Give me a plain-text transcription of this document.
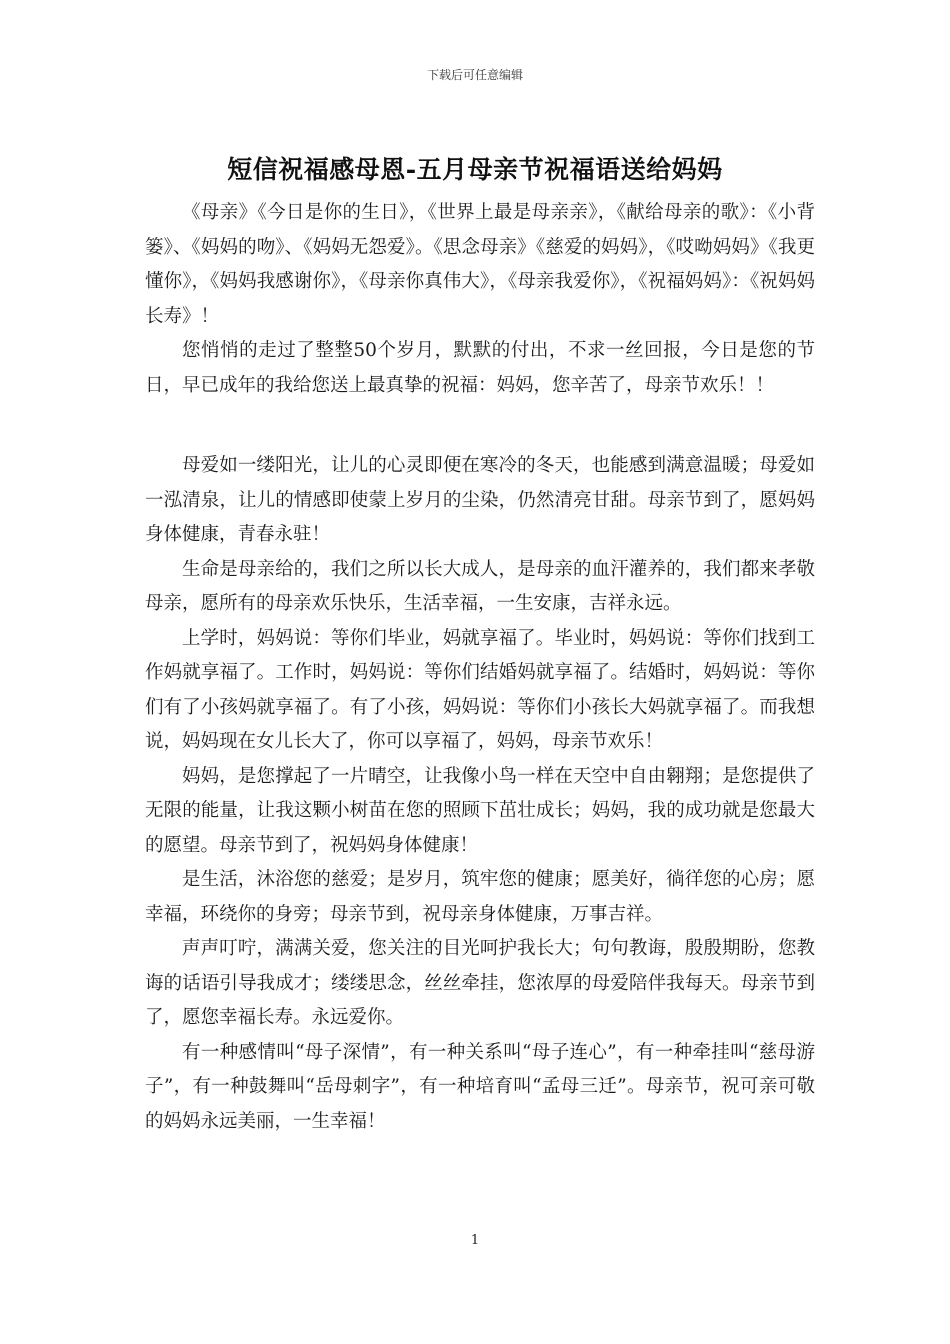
下载后可任意编辑
短信祝福感母恩-五月母亲节祝福语送给妈妈

《母亲》《今日是你的生日》，《世界上最是母亲亲》，《献给母亲的歌》：《小背篓》、《妈妈的吻》、《妈妈无怨爱》。《思念母亲》《慈爱的妈妈》，《哎呦妈妈》《我更懂你》，《妈妈我感谢你》，《母亲你真伟大》，《母亲我爱你》，《祝福妈妈》：《祝妈妈长寿》！

您悄悄的走过了整整50个岁月，默默的付出，不求一丝回报，今日是您的节日，早已成年的我给您送上最真挚的祝福：妈妈，您辛苦了，母亲节欢乐！！

母爱如一缕阳光，让儿的心灵即便在寒冷的冬天，也能感到满意温暖；母爱如一泓清泉，让儿的情感即使蒙上岁月的尘染，仍然清亮甘甜。母亲节到了，愿妈妈身体健康，青春永驻！

生命是母亲给的，我们之所以长大成人，是母亲的血汗灌养的，我们都来孝敬母亲，愿所有的母亲欢乐快乐，生活幸福，一生安康，吉祥永远。

上学时，妈妈说：等你们毕业，妈就享福了。毕业时，妈妈说：等你们找到工作妈就享福了。工作时，妈妈说：等你们结婚妈就享福了。结婚时，妈妈说：等你们有了小孩妈就享福了。有了小孩，妈妈说：等你们小孩长大妈就享福了。而我想说，妈妈现在女儿长大了，你可以享福了，妈妈，母亲节欢乐！

妈妈，是您撑起了一片晴空，让我像小鸟一样在天空中自由翱翔；是您提供了无限的能量，让我这颗小树苗在您的照顾下茁壮成长；妈妈，我的成功就是您最大的愿望。母亲节到了，祝妈妈身体健康！

是生活，沐浴您的慈爱；是岁月，筑牢您的健康；愿美好，徜徉您的心房；愿幸福，环绕你的身旁；母亲节到，祝母亲身体健康，万事吉祥。

声声叮咛，满满关爱，您关注的目光呵护我长大；句句教诲，殷殷期盼，您教诲的话语引导我成才；缕缕思念，丝丝牵挂，您浓厚的母爱陪伴我每天。母亲节到了，愿您幸福长寿。永远爱你。

有一种感情叫“母子深情”，有一种关系叫“母子连心”，有一种牵挂叫“慈母游子”，有一种鼓舞叫“岳母刺字”，有一种培育叫“孟母三迁”。母亲节，祝可亲可敬的妈妈永远美丽，一生幸福！

1
